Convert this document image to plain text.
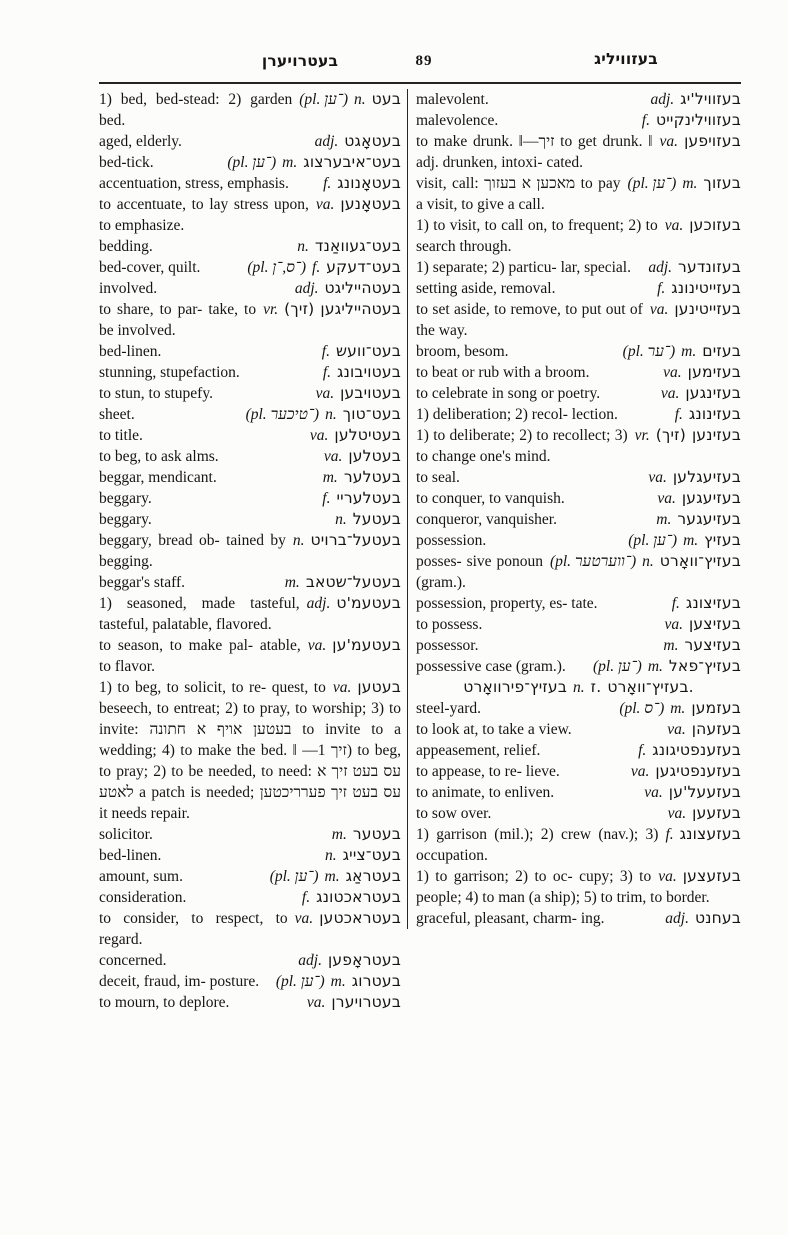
בעטרויערן	89	בעזוויליג

(pl. ־ען) n. בעט
1) bed, bed-stead: 2) garden bed.

adj. בעטאָגט
aged, elderly.

(pl. ־ען) m. בעט־איבערצוג
bed-tick.

f. בעטאָנונג
accentuation, stress, emphasis.

va. בעטאָנען
to accentuate, to lay stress upon, to emphasize.

n. בעט־געוואַנד
bedding.

(pl. ־ס,־ן) f. בעט־דעקע
bed-cover, quilt.

adj. בעטהייליגט
involved.

vr. (זיך) בעטהייליגען
to share, to par- take, to be involved.

f. בעט־וועש
bed-linen.

f. בעטויבונג
stunning, stupefaction.

va. בעטויבען
to stun, to stupefy.

(pl. ־טיכער) n. בעט־טוך
sheet.

va. בעטיטלען
to title.

va. בעטלען
to beg, to ask alms.

m. בעטלער
beggar, mendicant.

f. בעטלעריי
beggary.

n. בעטעל
beggary.

n. בעטעל־ברויט
beggary, bread ob- tained by begging.

m. בעטעל־שטאב
beggar's staff.

adj. בעטעמ'ט
1) seasoned, made tasteful, tasteful, palatable, flavored.

va. בעטעמ'ען
to season, to make pal- atable, to flavor.

va. בעטען
1) to beg, to solicit, to re- quest, to beseech, to entreat; 2) to pray, to worship; 3) to invite: בעטען אויף א חתונה to invite to a wedding; 4) to make the bed. ‖ —זיך 1) to beg, to pray; 2) to be needed, to need: עס בעט זיך א לאטע a patch is needed; עס בעט זיך פערריכטען it needs repair.

m. בעטער
solicitor.

n. בעט־צייג
bed-linen.

(pl. ־ען) m. בעטראַג
amount, sum.

f. בעטראכטונג
consideration.

va. בעטראכטען
to consider, to respect, to regard.

adj. בעטראָפען
concerned.

(pl. ־ען) m. בעטרוג
deceit, fraud, im- posture.

va. בעטרויערן
to mourn, to deplore.

adj. בעזוויל'יג
malevolent.

f. בעזווילינקייט
malevolence.

va. בעזויפען
to make drunk. ‖—זיך to get drunk. ‖ adj. drunken, intoxi- cated.

(pl. ־ען) m. בעזוך
visit, call: מאכען א בעזוך to pay a visit, to give a call.

va. בעזוכען
1) to visit, to call on, to frequent; 2) to search through.

adj. בעזונדער
1) separate; 2) particu- lar, special.

f. בעזייטינונג
setting aside, removal.

va. בעזייטינען
to set aside, to remove, to put out of the way.

(pl. ־ער) m. בעזים
broom, besom.

va. בעזימען
to beat or rub with a broom.

va. בעזינגען
to celebrate in song or poetry.

f. בעזינונג
1) deliberation; 2) recol- lection.

vr. (זיך) בעזינען
1) to deliberate; 2) to recollect; 3) to change one's mind.

va. בעזיעגלען
to seal.

va. בעזיעגען
to conquer, to vanquish.

m. בעזיעגער
conqueror, vanquisher.

(pl. ־ען) m. בעזיץ
possession.

(pl. ־ווערטער) n. בעזיץ־וואָרט
posses- sive ponoun (gram.).

f. בעזיצונג
possession, property, es- tate.

va. בעזיצען
to possess.

m. בעזיצער
possessor.

(pl. ־ען) m. בעזיץ־פאל
possessive case (gram.).

בעזיץ־פירוואָרט n. ז. בעזיץ־וואָרט.

(pl. ־ס) m. בעזמען
steel-yard.

va. בעזעהן
to look at, to take a view.

f. בעזענפטיגונג
appeasement, relief.

va. בעזענפטיגען
to appease, to re- lieve.

va. בעזעעל'ען
to animate, to enliven.

va. בעזעען
to sow over.

f. בעזעצונג
1) garrison (mil.); 2) crew (nav.); 3) occupation.

va. בעזעצען
1) to garrison; 2) to oc- cupy; 3) to people; 4) to man (a ship); 5) to trim, to border.

adj. בעחנט
graceful, pleasant, charm- ing.
